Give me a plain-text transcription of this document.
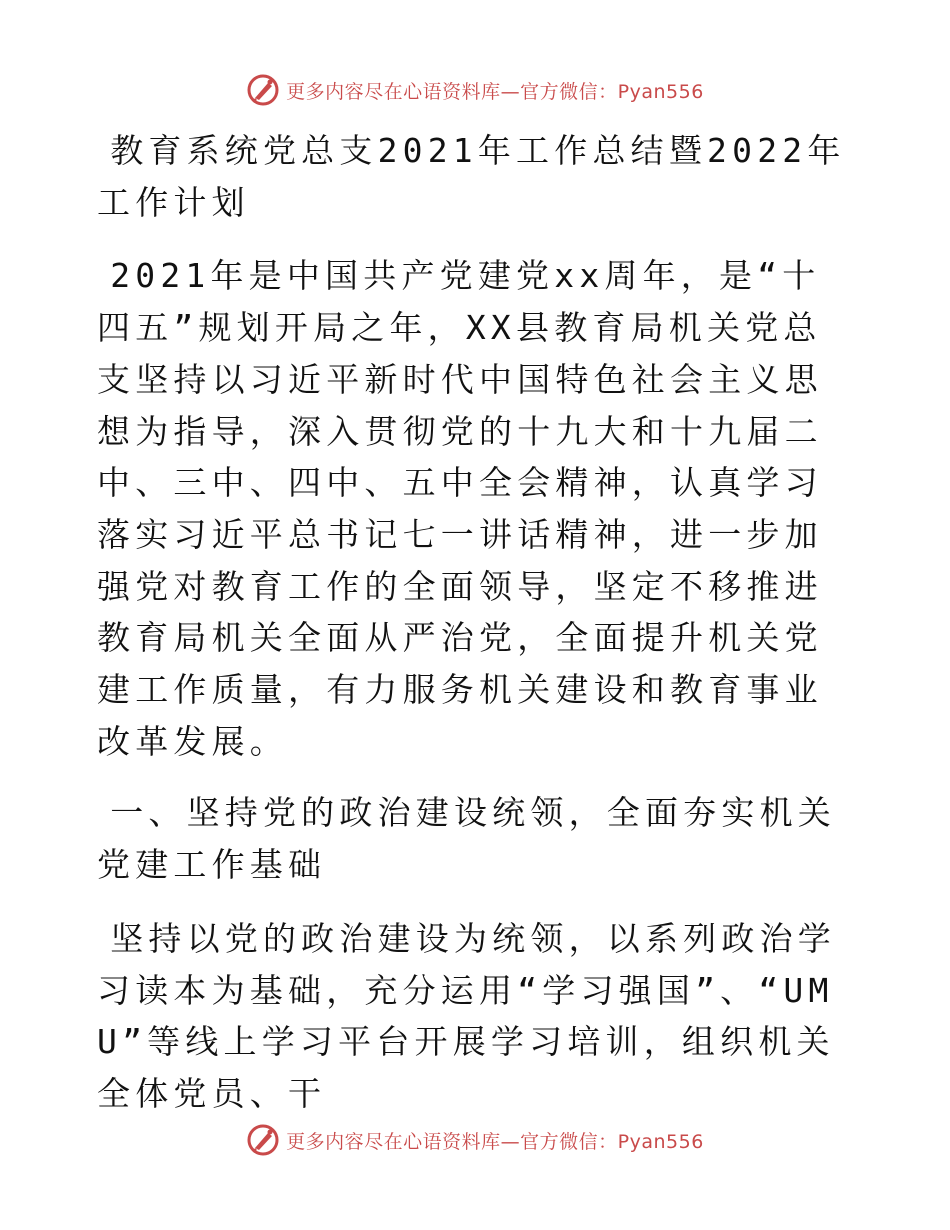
更多内容尽在心语资料库—官方微信：Pyan556

教育系统党总支2021年工作总结暨2022年工作计划

2021年是中国共产党建党xx周年，是“十四五”规划开局之年，XX县教育局机关党总支坚持以习近平新时代中国特色社会主义思想为指导，深入贯彻党的十九大和十九届二中、三中、四中、五中全会精神，认真学习落实习近平总书记七一讲话精神，进一步加强党对教育工作的全面领导，坚定不移推进教育局机关全面从严治党，全面提升机关党建工作质量，有力服务机关建设和教育事业改革发展。

一、坚持党的政治建设统领，全面夯实机关党建工作基础

坚持以党的政治建设为统领，以系列政治学习读本为基础，充分运用“学习强国”、“UMU”等线上学习平台开展学习培训，组织机关全体党员、干

更多内容尽在心语资料库—官方微信：Pyan556
